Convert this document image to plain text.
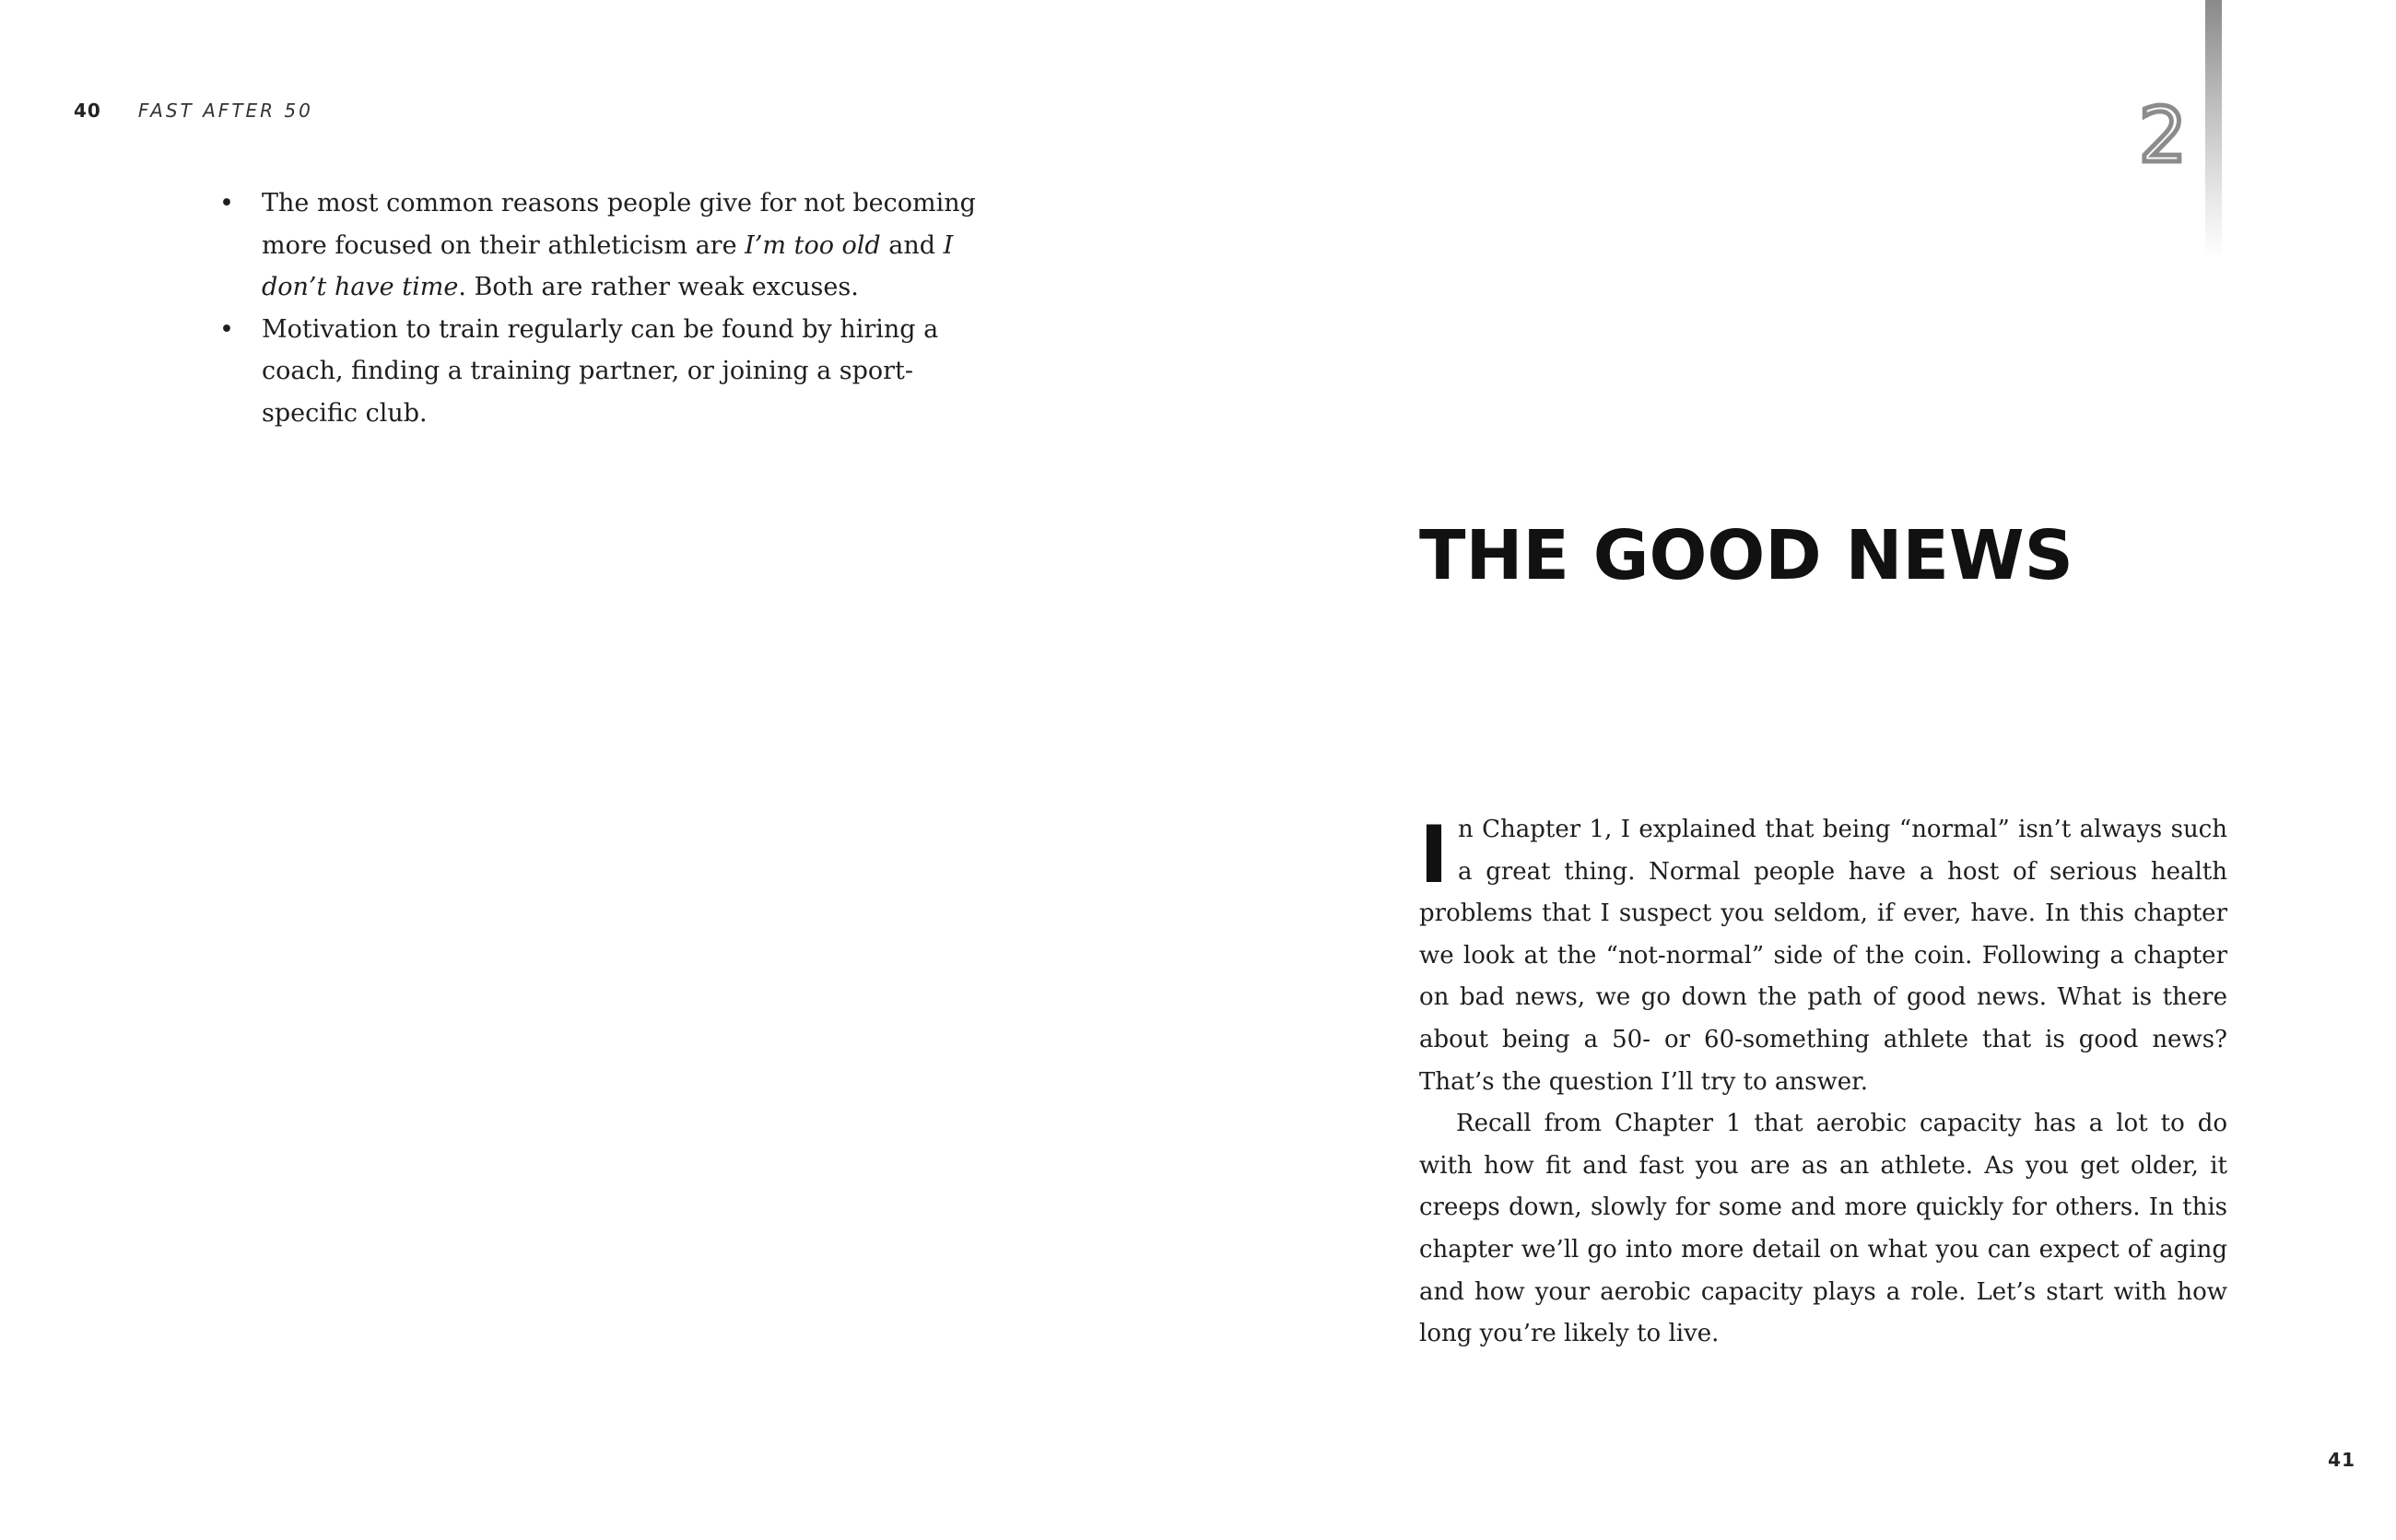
40 FAST AFTER 50
• The most common reasons people give for not becoming more focused on their athleticism are I’m too old and I don’t have time. Both are rather weak excuses.
• Motivation to train regularly can be found by hiring a coach, finding a training partner, or joining a sport-specific club.
2
THE GOOD NEWS

In Chapter 1, I explained that being “normal” isn’t always such a great thing. Normal people have a host of serious health problems that I suspect you seldom, if ever, have. In this chapter we look at the “not-normal” side of the coin. Following a chapter on bad news, we go down the path of good news. What is there about being a 50- or 60-something athlete that is good news? That’s the question I’ll try to answer.

Recall from Chapter 1 that aerobic capacity has a lot to do with how fit and fast you are as an athlete. As you get older, it creeps down, slowly for some and more quickly for others. In this chapter we’ll go into more detail on what you can expect of aging and how your aerobic capacity plays a role. Let’s start with how long you’re likely to live.

41
